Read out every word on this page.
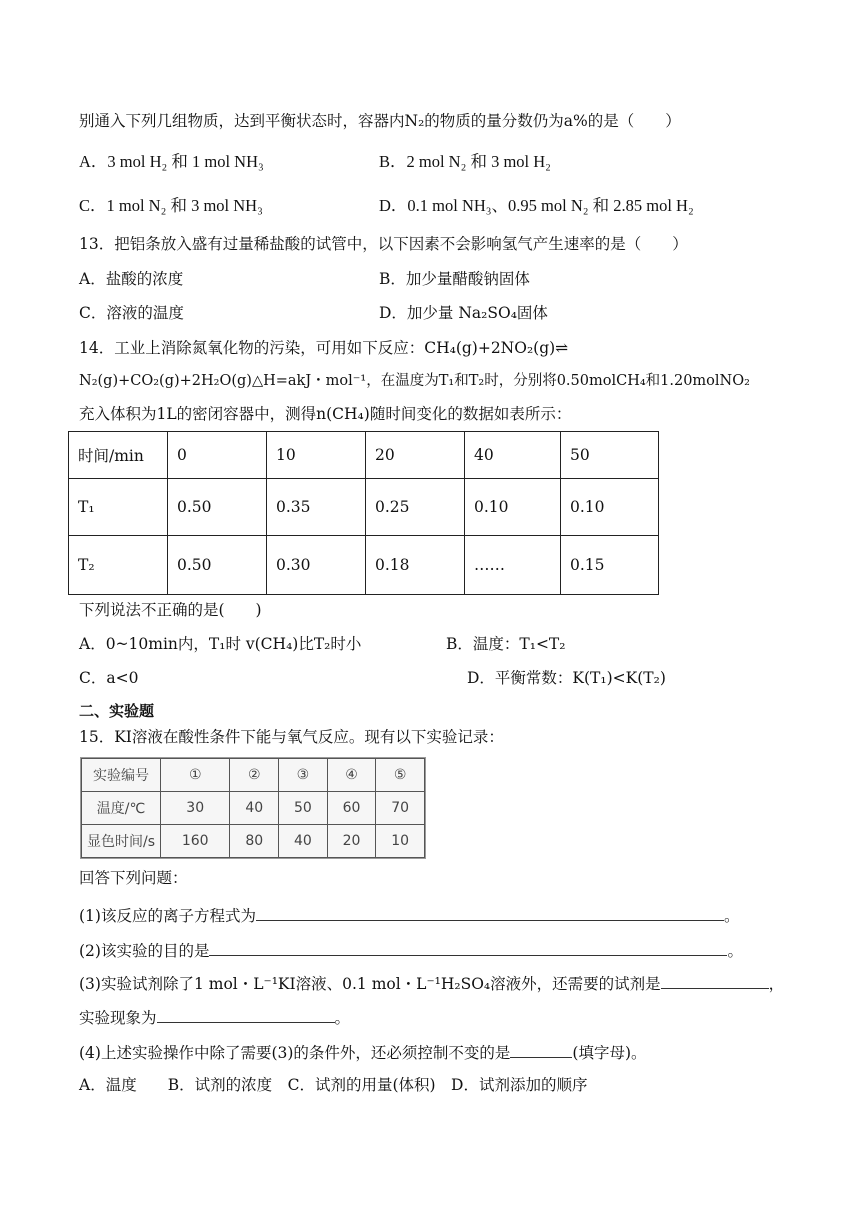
别通入下列几组物质，达到平衡状态时，容器内N₂的物质的量分数仍为a%的是（　　）
A．3 mol H₂ 和 1 mol NH₃	B．2 mol N₂ 和 3 mol H₂
C．1 mol N₂ 和 3 mol NH₃	D．0.1 mol NH₃、0.95 mol N₂ 和 2.85 mol H₂
13．把铝条放入盛有过量稀盐酸的试管中，以下因素不会影响氢气产生速率的是（　　）
A．盐酸的浓度	B．加少量醋酸钠固体
C．溶液的温度	D．加少量 Na₂SO₄固体
14．工业上消除氮氧化物的污染，可用如下反应：CH₄(g)+2NO₂(g)⇌
N₂(g)+CO₂(g)+2H₂O(g)△H=akJ・mol⁻¹，在温度为T₁和T₂时，分别将0.50molCH₄和1.20molNO₂
充入体积为1L的密闭容器中，测得n(CH₄)随时间变化的数据如表所示：
时间/min	0	10	20	40	50
T₁	0.50	0.35	0.25	0.10	0.10
T₂	0.50	0.30	0.18	……	0.15
下列说法不正确的是(　　)
A．0~10min内，T₁时 v(CH₄)比T₂时小	B．温度：T₁<T₂
C．a<0	D．平衡常数：K(T₁)<K(T₂)
二、实验题
15．KI溶液在酸性条件下能与氧气反应。现有以下实验记录：
实验编号	①	②	③	④	⑤
温度/℃	30	40	50	60	70
显色时间/s	160	80	40	20	10
回答下列问题：
(1)该反应的离子方程式为	。
(2)该实验的目的是	。
(3)实验试剂除了1 mol・L⁻¹KI溶液、0.1 mol・L⁻¹H₂SO₄溶液外，还需要的试剂是	，
实验现象为	。
(4)上述实验操作中除了需要(3)的条件外，还必须控制不变的是	(填字母)。
A．温度　　B．试剂的浓度　C．试剂的用量(体积)　D．试剂添加的顺序
